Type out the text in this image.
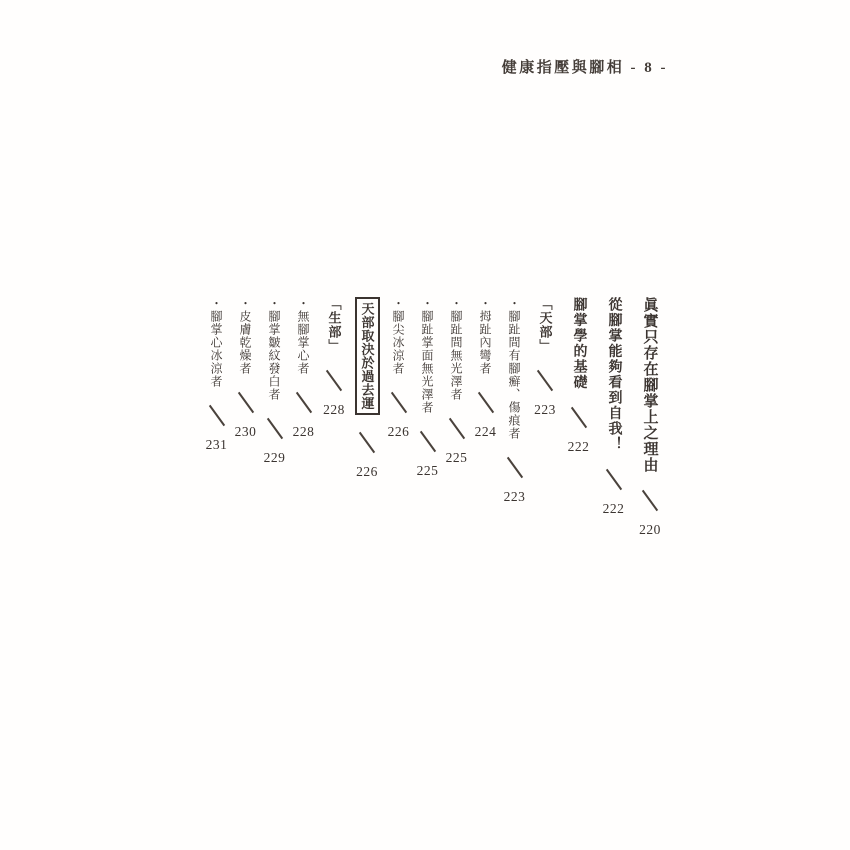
健康指壓與腳相 - 8 -
眞實只存在腳掌上之理由
220
從腳掌能夠看到自我！
222
腳掌學的基礎
222
「天部」
223
・腳趾間有腳癬、傷痕者
223
・拇趾內彎者
224
・腳趾間無光澤者
225
・腳趾掌面無光澤者
225
・腳尖冰涼者
226
天部取決於過去運
226
「生部」
228
・無腳掌心者
228
・腳掌皺紋發白者
229
・皮膚乾燥者
230
・腳掌心冰涼者
231
